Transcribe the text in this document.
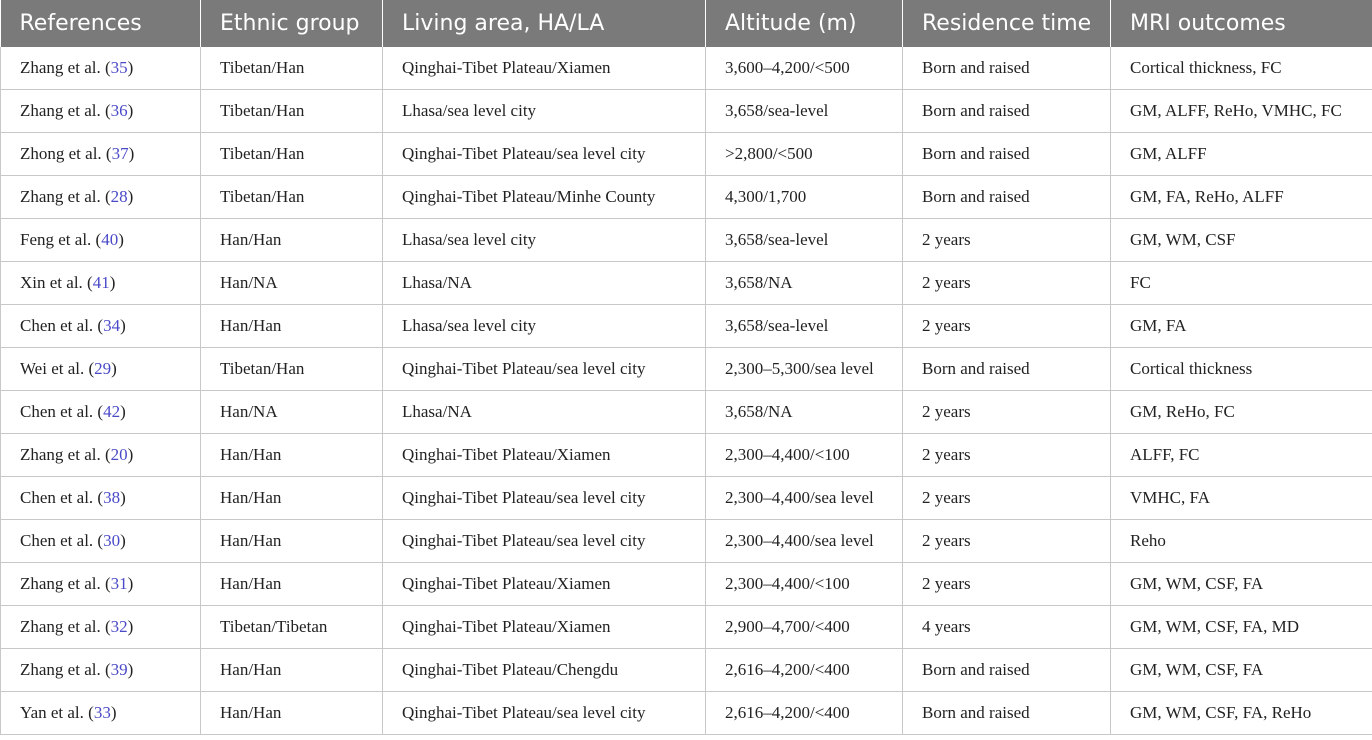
References	Ethnic group	Living area, HA/LA	Altitude (m)	Residence time	MRI outcomes
Zhang et al. (35)	Tibetan/Han	Qinghai-Tibet Plateau/Xiamen	3,600–4,200/<500	Born and raised	Cortical thickness, FC
Zhang et al. (36)	Tibetan/Han	Lhasa/sea level city	3,658/sea-level	Born and raised	GM, ALFF, ReHo, VMHC, FC
Zhong et al. (37)	Tibetan/Han	Qinghai-Tibet Plateau/sea level city	>2,800/<500	Born and raised	GM, ALFF
Zhang et al. (28)	Tibetan/Han	Qinghai-Tibet Plateau/Minhe County	4,300/1,700	Born and raised	GM, FA, ReHo, ALFF
Feng et al. (40)	Han/Han	Lhasa/sea level city	3,658/sea-level	2 years	GM, WM, CSF
Xin et al. (41)	Han/NA	Lhasa/NA	3,658/NA	2 years	FC
Chen et al. (34)	Han/Han	Lhasa/sea level city	3,658/sea-level	2 years	GM, FA
Wei et al. (29)	Tibetan/Han	Qinghai-Tibet Plateau/sea level city	2,300–5,300/sea level	Born and raised	Cortical thickness
Chen et al. (42)	Han/NA	Lhasa/NA	3,658/NA	2 years	GM, ReHo, FC
Zhang et al. (20)	Han/Han	Qinghai-Tibet Plateau/Xiamen	2,300–4,400/<100	2 years	ALFF, FC
Chen et al. (38)	Han/Han	Qinghai-Tibet Plateau/sea level city	2,300–4,400/sea level	2 years	VMHC, FA
Chen et al. (30)	Han/Han	Qinghai-Tibet Plateau/sea level city	2,300–4,400/sea level	2 years	Reho
Zhang et al. (31)	Han/Han	Qinghai-Tibet Plateau/Xiamen	2,300–4,400/<100	2 years	GM, WM, CSF, FA
Zhang et al. (32)	Tibetan/Tibetan	Qinghai-Tibet Plateau/Xiamen	2,900–4,700/<400	4 years	GM, WM, CSF, FA, MD
Zhang et al. (39)	Han/Han	Qinghai-Tibet Plateau/Chengdu	2,616–4,200/<400	Born and raised	GM, WM, CSF, FA
Yan et al. (33)	Han/Han	Qinghai-Tibet Plateau/sea level city	2,616–4,200/<400	Born and raised	GM, WM, CSF, FA, ReHo
